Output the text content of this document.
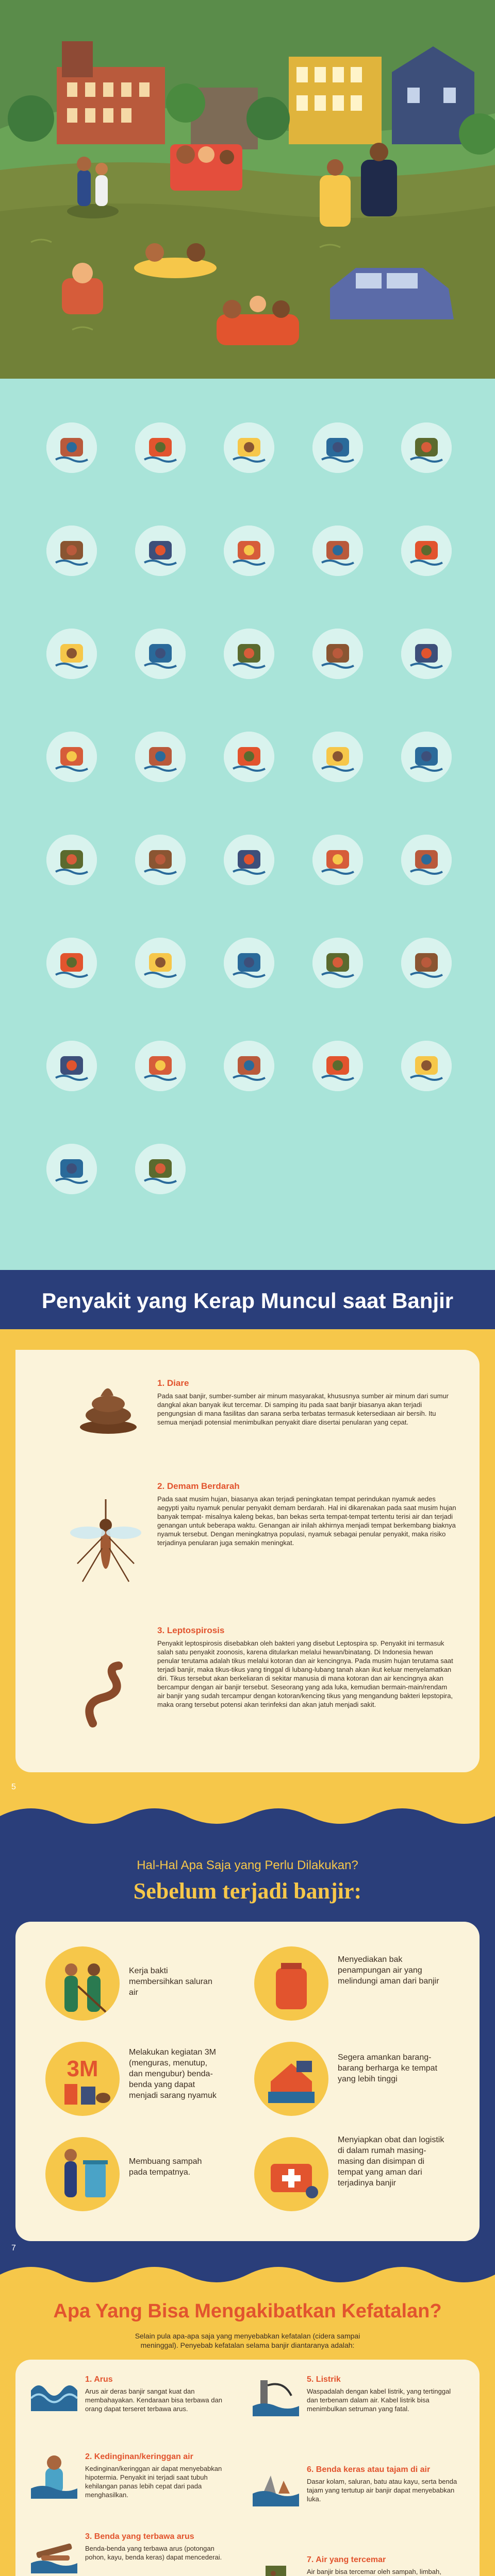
Penyakit yang Kerap Muncul saat Banjir
1. Diare
Pada saat banjir, sumber-sumber air minum masyarakat, khususnya sumber air minum dari sumur dangkal akan banyak ikut tercemar. Di samping itu pada saat banjir biasanya akan terjadi pengungsian di mana fasilitas dan sarana serba terbatas termasuk ketersediaan air bersih. Itu semua menjadi potensial menimbulkan penyakit diare disertai penularan yang cepat.
2. Demam Berdarah
Pada saat musim hujan, biasanya akan terjadi peningkatan tempat perindukan nyamuk aedes aegypti yaitu nyamuk penular penyakit demam berdarah. Hal ini dikarenakan pada saat musim hujan banyak tempat- misalnya kaleng bekas, ban bekas serta tempat-tempat tertentu terisi air dan terjadi genangan untuk beberapa waktu. Genangan air inilah akhirnya menjadi tempat berkembang biaknya nyamuk tersebut. Dengan meningkatnya populasi, nyamuk sebagai penular penyakit, maka risiko terjadinya penularan juga semakin meningkat.
3. Leptospirosis
Penyakit leptospirosis disebabkan oleh bakteri yang disebut Leptospira sp. Penyakit ini termasuk salah satu penyakit zoonosis, karena ditularkan melalui hewan/binatang. Di Indonesia hewan penular terutama adalah tikus melalui kotoran dan air kencingnya. Pada musim hujan terutama saat terjadi banjir, maka tikus-tikus yang tinggal di lubang-lubang tanah akan ikut keluar menyelamatkan diri. Tikus tersebut akan berkeliaran di sekitar manusia di mana kotoran dan air kencingnya akan bercampur dengan air banjir tersebut. Seseorang yang ada luka, kemudian bermain-main/rendam air banjir yang sudah tercampur dengan kotoran/kencing tikus yang mengandung bakteri lepstopira, maka orang tersebut potensi akan terinfeksi dan akan jatuh menjadi sakit.
5
Hal-Hal Apa Saja yang Perlu Dilakukan?
Sebelum terjadi banjir:
3M
Kerja bakti membersihkan saluran air
Melakukan kegiatan 3M (menguras, menutup, dan mengubur) benda-benda yang dapat menjadi sarang nyamuk
Membuang sampah pada tempatnya.
Menyediakan bak penampungan air yang melindungi aman dari banjir
Segera amankan barang-barang berharga ke tempat yang lebih tinggi
Menyiapkan obat dan logistik di dalam rumah masing-masing dan disimpan di tempat yang aman dari terjadinya banjir
7
Apa Yang Bisa Mengakibatkan Kefatalan?
Selain pula apa-apa saja yang menyebabkan kefatalan (cidera sampai meninggal). Penyebab kefatalan selama banjir diantaranya adalah:
1. Arus
Arus air deras banjir sangat kuat dan membahayakan. Kendaraan bisa terbawa dan orang dapat terseret terbawa arus.
2. Kedinginan/keringgan air
Kedinginan/keringgan air dapat menyebabkan hipotermia. Penyakit ini terjadi saat tubuh kehilangan panas lebih cepat dari pada menghasilkan.
3. Benda yang terbawa arus
Benda-benda yang terbawa arus (potongan pohon, kayu, benda keras) dapat mencederai.
5. Listrik
Waspadalah dengan kabel listrik, yang tertinggal dan terbenam dalam air. Kabel listrik bisa menimbulkan setruman yang fatal.
6. Benda keras atau tajam di air
Dasar kolam, saluran, batu atau kayu, serta benda tajam yang tertutup air banjir dapat menyebabkan luka.
7. Air yang tercemar
Air banjir bisa tercemar oleh sampah, limbah,
